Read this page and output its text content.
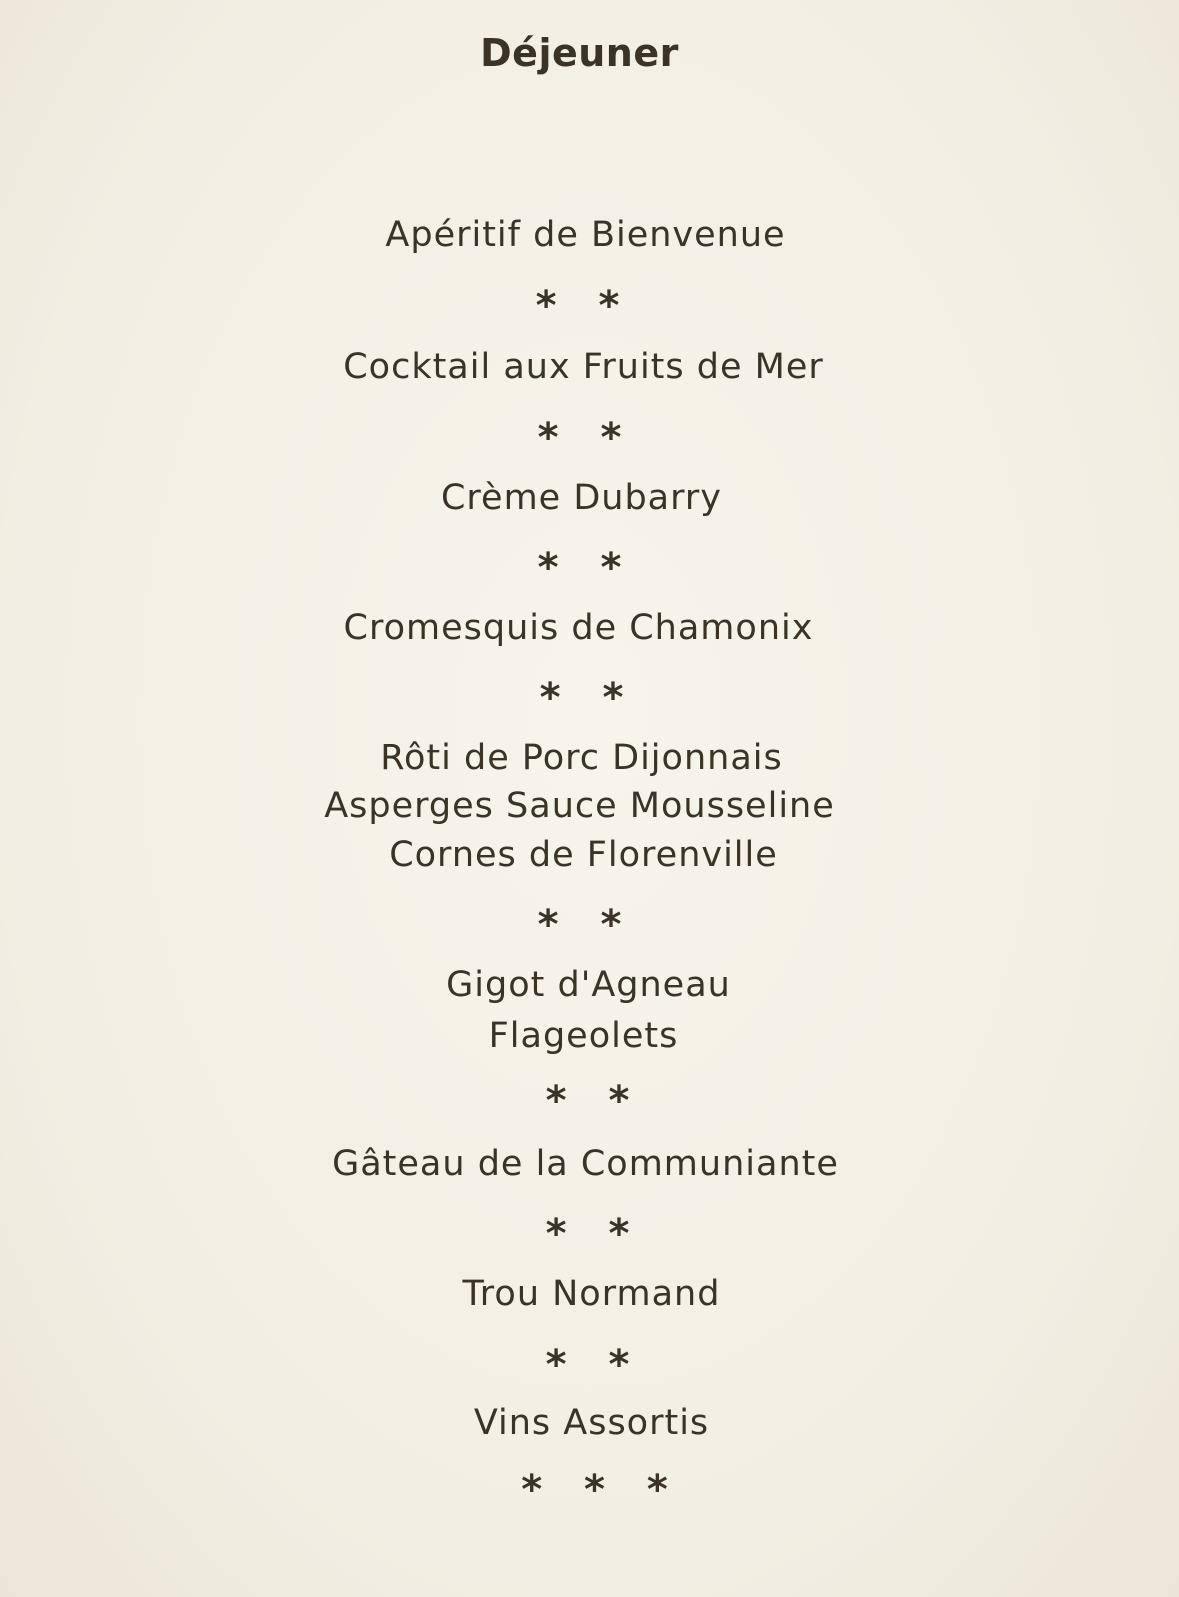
Déjeuner
Apéritif de Bienvenue
* *
Cocktail aux Fruits de Mer
* *
Crème Dubarry
* *
Cromesquis de Chamonix
* *
Rôti de Porc Dijonnais
Asperges Sauce Mousseline
Cornes de Florenville
* *
Gigot d'Agneau
Flageolets
* *
Gâteau de la Communiante
* *
Trou Normand
* *
Vins Assortis
* * *
